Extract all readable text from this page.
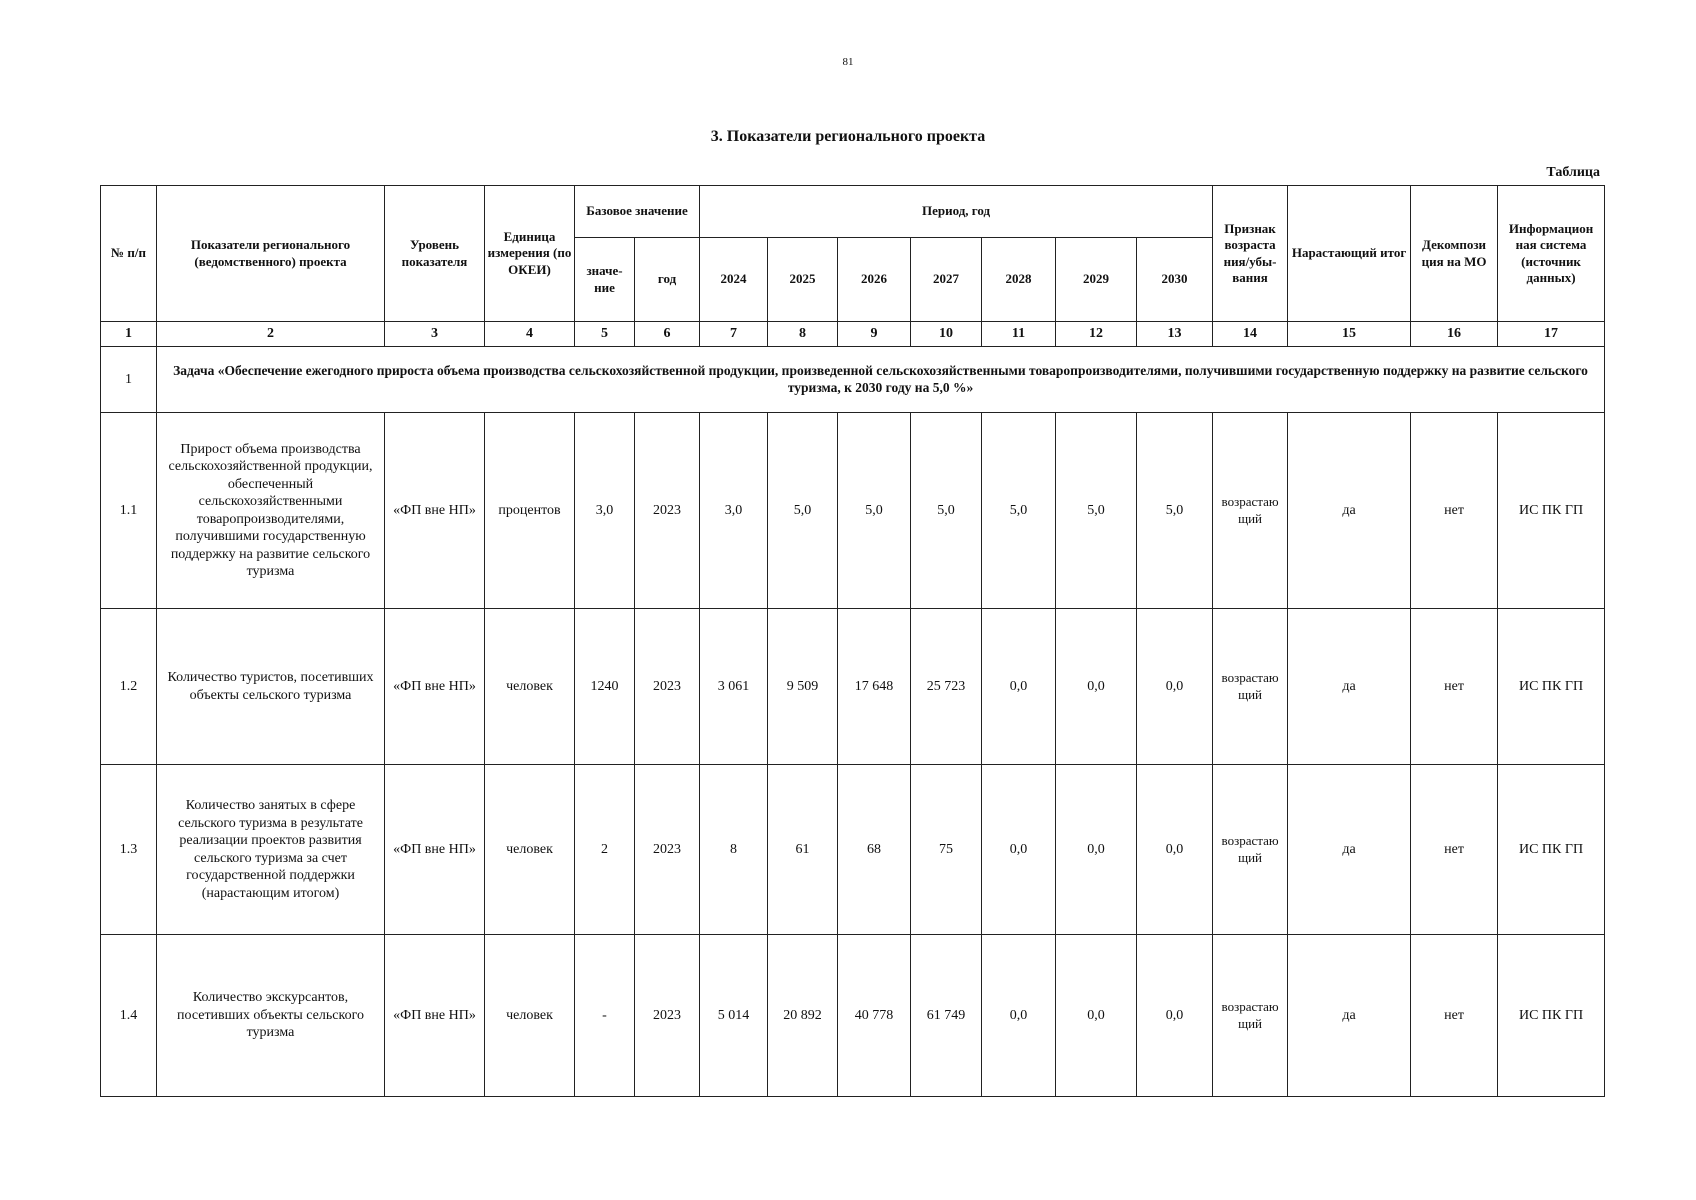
81
3. Показатели регионального проекта
Таблица
№ п/п	Показатели регионального (ведомственного) проекта	Уровень показателя	Единица измерения (по ОКЕИ)	Базовое значение		Период, год							Признак возраста ния/убы-вания	Нарастающий итог	Декомпози ция на МО	Информацион ная система (источник данных)
				значе-ние	год	2024	2025	2026	2027	2028	2029	2030				
1	2	3	4	5	6	7	8	9	10	11	12	13	14	15	16	17
1	Задача «Обеспечение ежегодного прироста объема производства сельскохозяйственной продукции, произведенной сельскохозяйственными товаропроизводителями, получившими государственную поддержку на развитие сельского туризма, к 2030 году на 5,0 %»															
1.1	Прирост объема производства сельскохозяйственной продукции, обеспеченный сельскохозяйственными товаропроизводителями, получившими государственную поддержку на развитие сельского туризма	«ФП вне НП»	процентов	3,0	2023	3,0	5,0	5,0	5,0	5,0	5,0	5,0	возрастаю щий	да	нет	ИС ПК ГП
1.2	Количество туристов, посетивших объекты сельского туризма	«ФП вне НП»	человек	1240	2023	3 061	9 509	17 648	25 723	0,0	0,0	0,0	возрастаю щий	да	нет	ИС ПК ГП
1.3	Количество занятых в сфере сельского туризма в результате реализации проектов развития сельского туризма за счет государственной поддержки (нарастающим итогом)	«ФП вне НП»	человек	2	2023	8	61	68	75	0,0	0,0	0,0	возрастаю щий	да	нет	ИС ПК ГП
1.4	Количество экскурсантов, посетивших объекты сельского туризма	«ФП вне НП»	человек	-	2023	5 014	20 892	40 778	61 749	0,0	0,0	0,0	возрастаю щий	да	нет	ИС ПК ГП
